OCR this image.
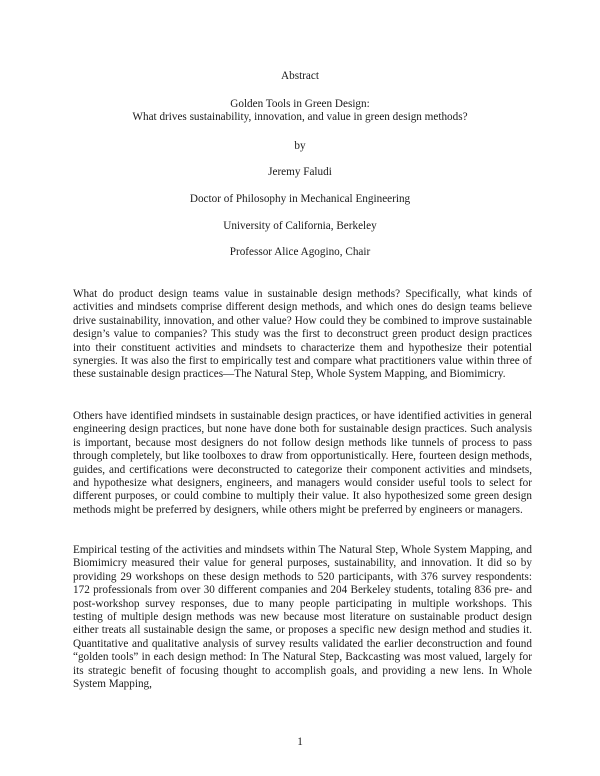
Abstract
Golden Tools in Green Design:
What drives sustainability, innovation, and value in green design methods?
by
Jeremy Faludi
Doctor of Philosophy in Mechanical Engineering
University of California, Berkeley
Professor Alice Agogino, Chair

What do product design teams value in sustainable design methods? Specifically, what kinds of activities and mindsets comprise different design methods, and which ones do design teams believe drive sustainability, innovation, and other value? How could they be combined to improve sustainable design’s value to companies? This study was the first to deconstruct green product design practices into their constituent activities and mindsets to characterize them and hypothesize their potential synergies. It was also the first to empirically test and compare what practitioners value within three of these sustainable design practices—The Natural Step, Whole System Mapping, and Biomimicry.

Others have identified mindsets in sustainable design practices, or have identified activities in general engineering design practices, but none have done both for sustainable design practices. Such analysis is important, because most designers do not follow design methods like tunnels of process to pass through completely, but like toolboxes to draw from opportunistically. Here, fourteen design methods, guides, and certifications were deconstructed to categorize their component activities and mindsets, and hypothesize what designers, engineers, and managers would consider useful tools to select for different purposes, or could combine to multiply their value. It also hypothesized some green design methods might be preferred by designers, while others might be preferred by engineers or managers.

Empirical testing of the activities and mindsets within The Natural Step, Whole System Mapping, and Biomimicry measured their value for general purposes, sustainability, and innovation. It did so by providing 29 workshops on these design methods to 520 participants, with 376 survey respondents: 172 professionals from over 30 different companies and 204 Berkeley students, totaling 836 pre- and post-workshop survey responses, due to many people participating in multiple workshops. This testing of multiple design methods was new because most literature on sustainable product design either treats all sustainable design the same, or proposes a specific new design method and studies it. Quantitative and qualitative analysis of survey results validated the earlier deconstruction and found “golden tools” in each design method: In The Natural Step, Backcasting was most valued, largely for its strategic benefit of focusing thought to accomplish goals, and providing a new lens. In Whole System Mapping,

1
